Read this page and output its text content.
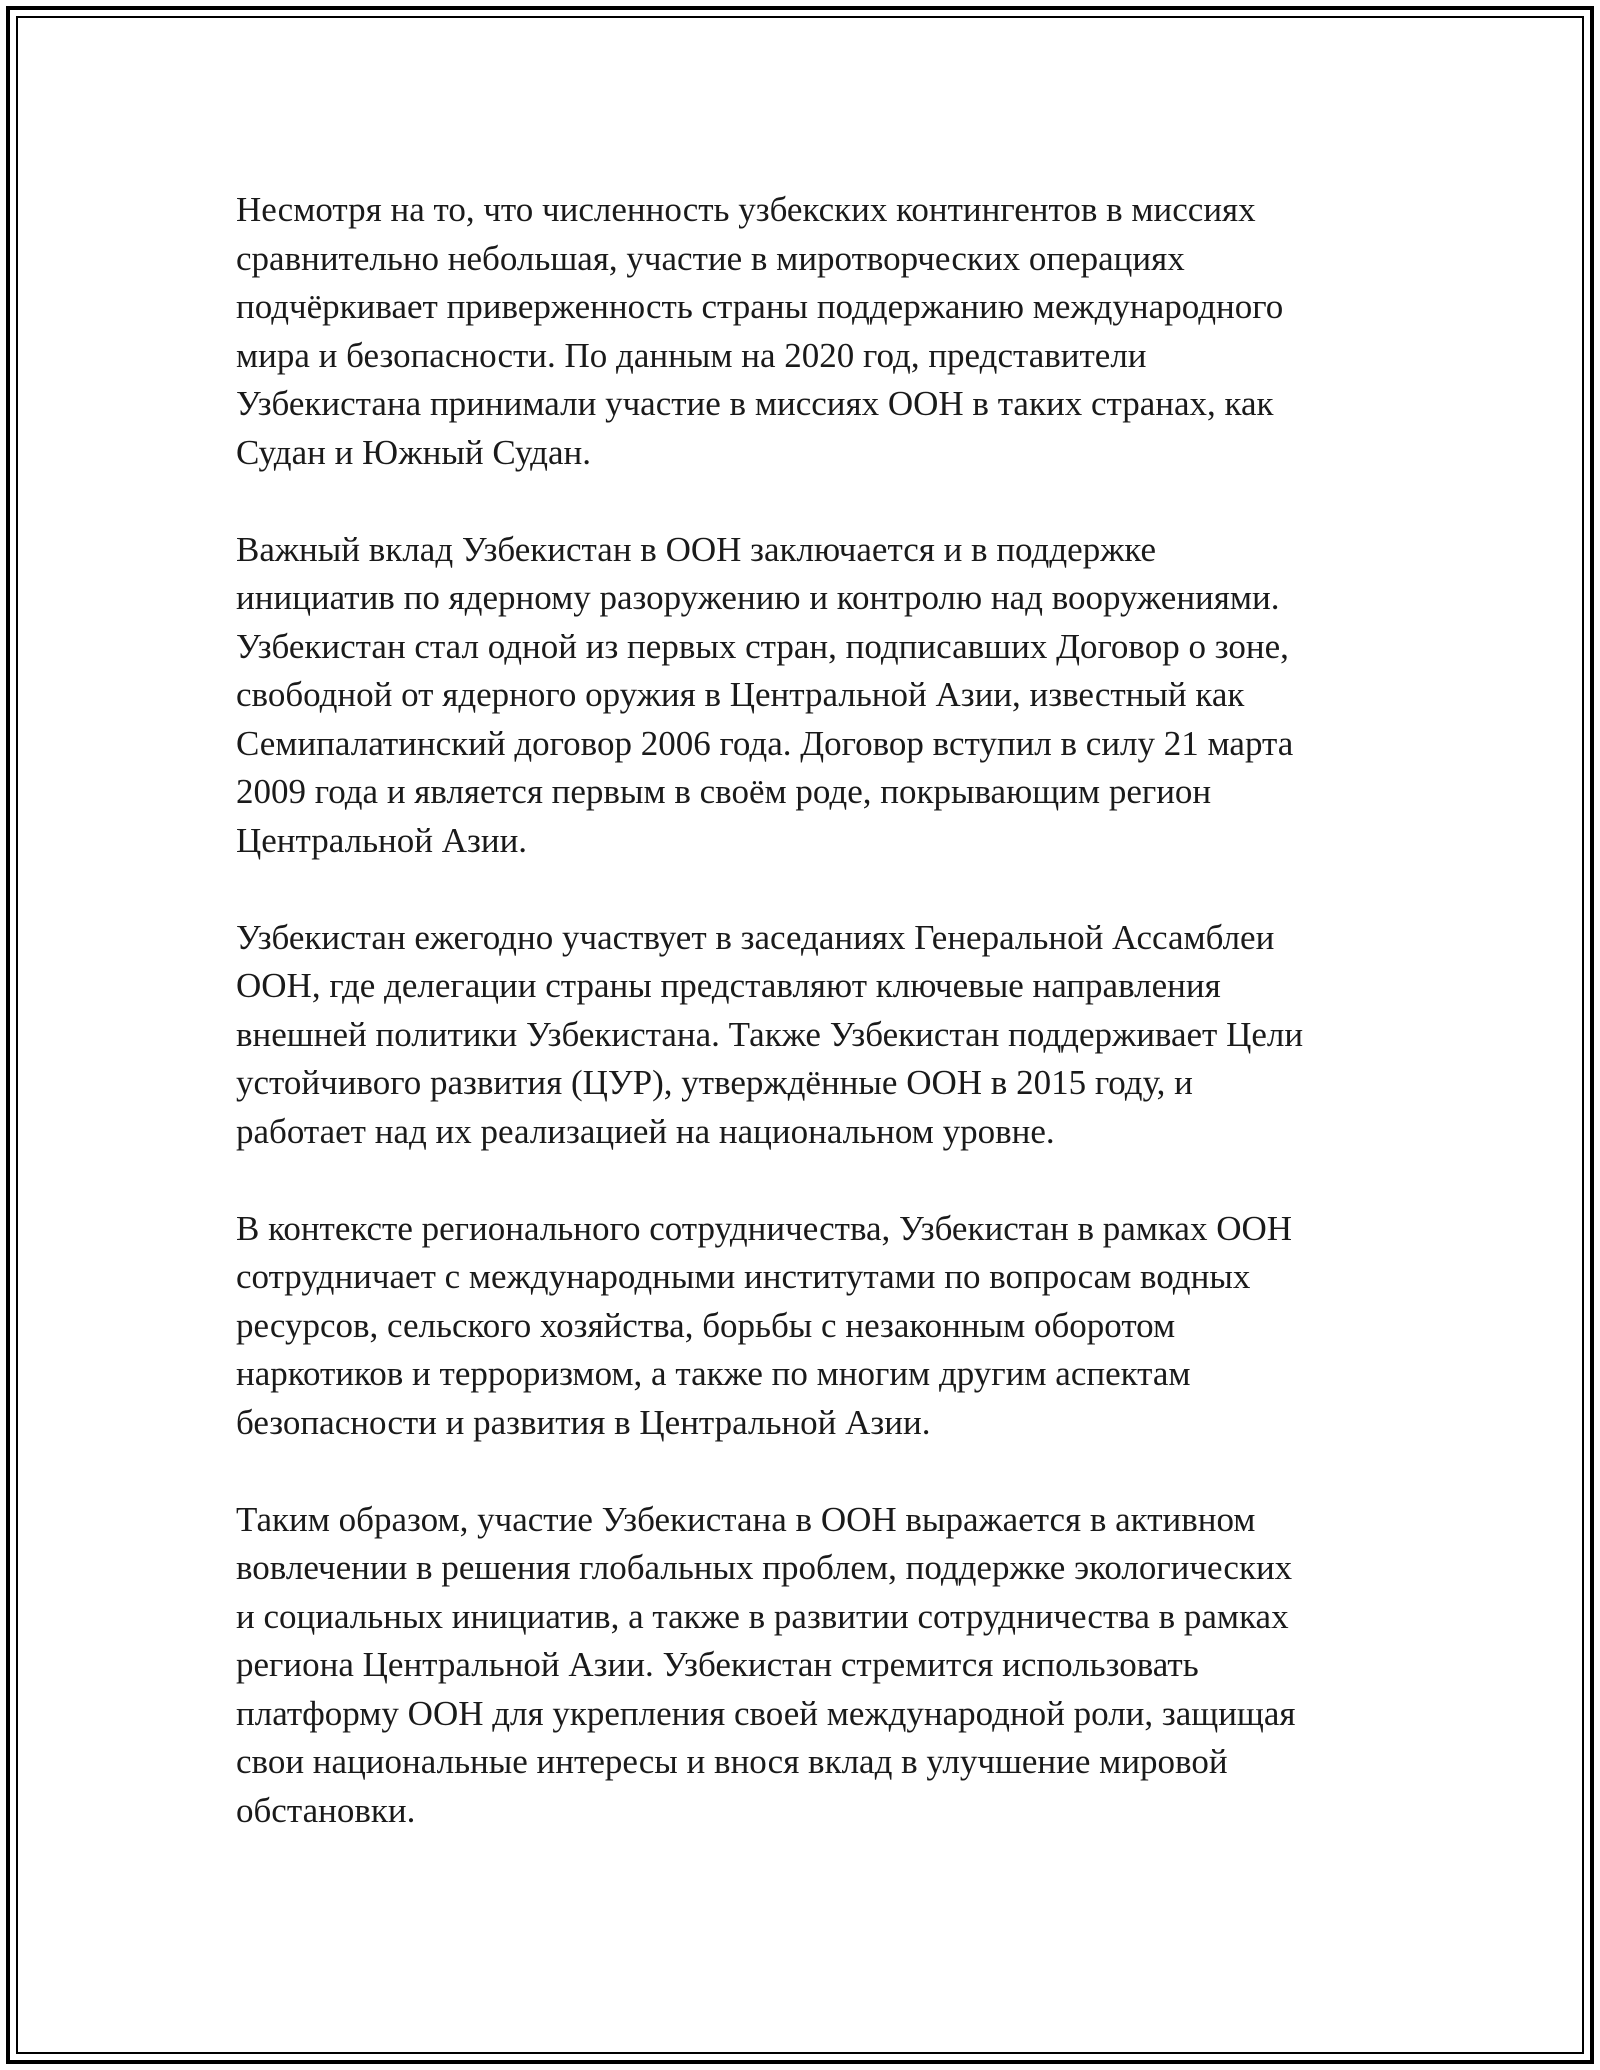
Несмотря на то, что численность узбекских контингентов в миссиях
сравнительно небольшая, участие в миротворческих операциях
подчёркивает приверженность страны поддержанию международного
мира и безопасности. По данным на 2020 год, представители
Узбекистана принимали участие в миссиях ООН в таких странах, как
Судан и Южный Судан.

Важный вклад Узбекистан в ООН заключается и в поддержке
инициатив по ядерному разоружению и контролю над вооружениями.
Узбекистан стал одной из первых стран, подписавших Договор о зоне,
свободной от ядерного оружия в Центральной Азии, известный как
Семипалатинский договор 2006 года. Договор вступил в силу 21 марта
2009 года и является первым в своём роде, покрывающим регион
Центральной Азии.

Узбекистан ежегодно участвует в заседаниях Генеральной Ассамблеи
ООН, где делегации страны представляют ключевые направления
внешней политики Узбекистана. Также Узбекистан поддерживает Цели
устойчивого развития (ЦУР), утверждённые ООН в 2015 году, и
работает над их реализацией на национальном уровне.

В контексте регионального сотрудничества, Узбекистан в рамках ООН
сотрудничает с международными институтами по вопросам водных
ресурсов, сельского хозяйства, борьбы с незаконным оборотом
наркотиков и терроризмом, а также по многим другим аспектам
безопасности и развития в Центральной Азии.

Таким образом, участие Узбекистана в ООН выражается в активном
вовлечении в решения глобальных проблем, поддержке экологических
и социальных инициатив, а также в развитии сотрудничества в рамках
региона Центральной Азии. Узбекистан стремится использовать
платформу ООН для укрепления своей международной роли, защищая
свои национальные интересы и внося вклад в улучшение мировой
обстановки.
